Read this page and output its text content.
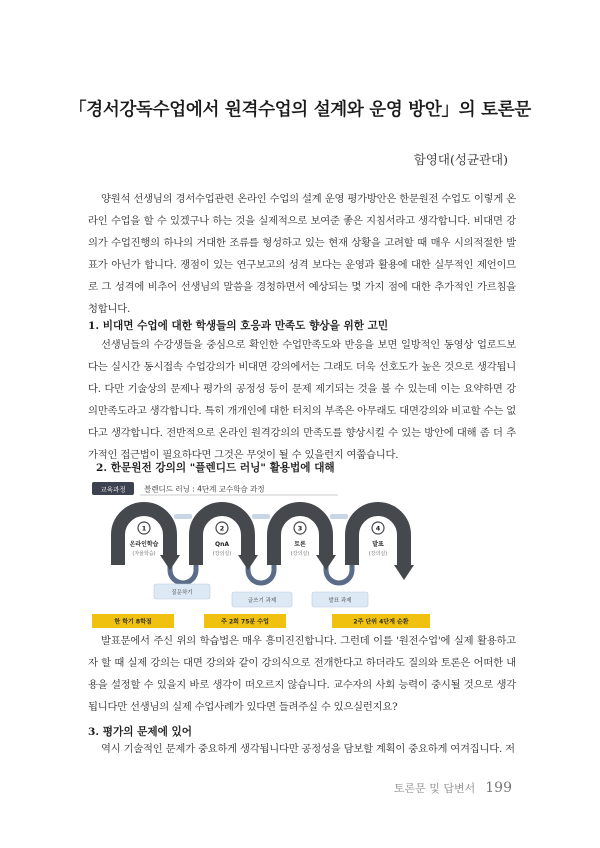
「경서강독수업에서 원격수업의 설계와 운영 방안」의 토론문
함영대(성균관대)

양원석 선생님의 경서수업관련 온라인 수업의 설계 운영 평가방안은 한문원전 수업도 이렇게 온라인 수업을 할 수 있겠구나 하는 것을 실제적으로 보여준 좋은 지침서라고 생각합니다. 비대면 강의가 수업진행의 하나의 거대한 조류를 형성하고 있는 현재 상황을 고려할 때 매우 시의적절한 발표가 아닌가 합니다. 쟁점이 있는 연구보고의 성격 보다는 운영과 활용에 대한 실무적인 제언이므로 그 성격에 비추어 선생님의 말씀을 경청하면서 예상되는 몇 가지 점에 대한 추가적인 가르침을 청합니다.

1. 비대면 수업에 대한 학생들의 호응과 만족도 향상을 위한 고민

선생님들의 수강생들을 중심으로 확인한 수업만족도와 반응을 보면 일방적인 동영상 업로드보다는 실시간 동시접속 수업강의가 비대면 강의에서는 그래도 더욱 선호도가 높은 것으로 생각됩니다. 다만 기술상의 문제나 평가의 공정성 등이 문제 제기되는 것을 볼 수 있는데 이는 요약하면 강의만족도라고 생각합니다. 특히 개개인에 대한 터치의 부족은 아무래도 대면강의와 비교할 수는 없다고 생각합니다. 전반적으로 온라인 원격강의의 만족도를 향상시킬 수 있는 방안에 대해 좀 더 추가적인 접근법이 필요하다면 그것은 무엇이 될 수 있을런지 여쭙습니다.

2. 한문원전 강의의 "플렌디드 러닝" 활용법에 대해
교육과정 블렌디드 러닝 : 4단계 교수학습 과정
1	2	3	4
온라인학습	QnA	토론	발표
(자율학습)	(강의실)	(강의실)	(강의실)
질문하기
글쓰기 과제	발표 과제
한 학기 8학점	주 2회 75분 수업	2주 단위 4단계 순환

발표문에서 주신 위의 학습법은 매우 흥미진진합니다. 그런데 이를 '원전수업'에 실제 활용하고자 할 때 실제 강의는 대면 강의와 같이 강의식으로 전개한다고 하더라도 질의와 토론은 어떠한 내용을 설정할 수 있을지 바로 생각이 떠오르지 않습니다. 교수자의 사회 능력이 중시될 것으로 생각됩니다만 선생님의 실제 수업사례가 있다면 들려주실 수 있으실런지요?

3. 평가의 문제에 있어

역시 기술적인 문제가 중요하게 생각됩니다만 공정성을 담보할 계획이 중요하게 여겨집니다. 저

토론문 및 답변서 199
